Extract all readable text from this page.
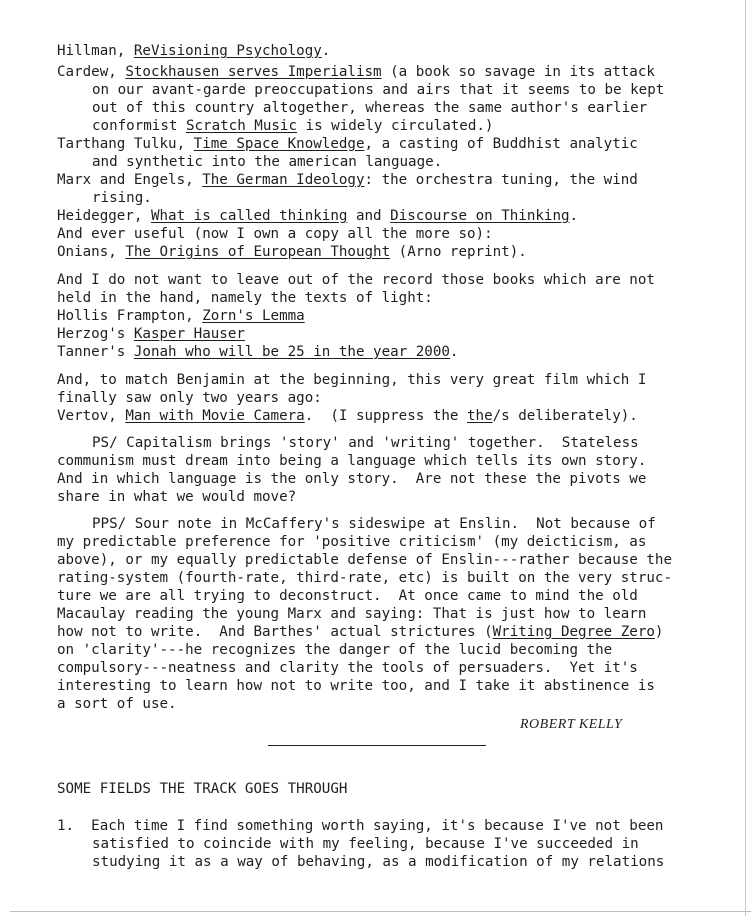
Hillman, ReVisioning Psychology.
Cardew, Stockhausen serves Imperialism (a book so savage in its attack
on our avant-garde preoccupations and airs that it seems to be kept
out of this country altogether, whereas the same author's earlier
conformist Scratch Music is widely circulated.)
Tarthang Tulku, Time Space Knowledge, a casting of Buddhist analytic
and synthetic into the american language.
Marx and Engels, The German Ideology: the orchestra tuning, the wind
rising.
Heidegger, What is called thinking and Discourse on Thinking.
And ever useful (now I own a copy all the more so):
Onians, The Origins of European Thought (Arno reprint).
And I do not want to leave out of the record those books which are not
held in the hand, namely the texts of light:
Hollis Frampton, Zorn's Lemma
Herzog's Kasper Hauser
Tanner's Jonah who will be 25 in the year 2000.
And, to match Benjamin at the beginning, this very great film which I
finally saw only two years ago:
Vertov, Man with Movie Camera.  (I suppress the the/s deliberately).
PS/ Capitalism brings 'story' and 'writing' together.  Stateless
communism must dream into being a language which tells its own story.
And in which language is the only story.  Are not these the pivots we
share in what we would move?
PPS/ Sour note in McCaffery's sideswipe at Enslin.  Not because of
my predictable preference for 'positive criticism' (my deicticism, as
above), or my equally predictable defense of Enslin---rather because the
rating-system (fourth-rate, third-rate, etc) is built on the very struc-
ture we are all trying to deconstruct.  At once came to mind the old
Macaulay reading the young Marx and saying: That is just how to learn
how not to write.  And Barthes' actual strictures (Writing Degree Zero)
on 'clarity'---he recognizes the danger of the lucid becoming the
compulsory---neatness and clarity the tools of persuaders.  Yet it's
interesting to learn how not to write too, and I take it abstinence is
a sort of use.
SOME FIELDS THE TRACK GOES THROUGH
1.  Each time I find something worth saying, it's because I've not been
satisfied to coincide with my feeling, because I've succeeded in
studying it as a way of behaving, as a modification of my relations
ROBERT KELLY
